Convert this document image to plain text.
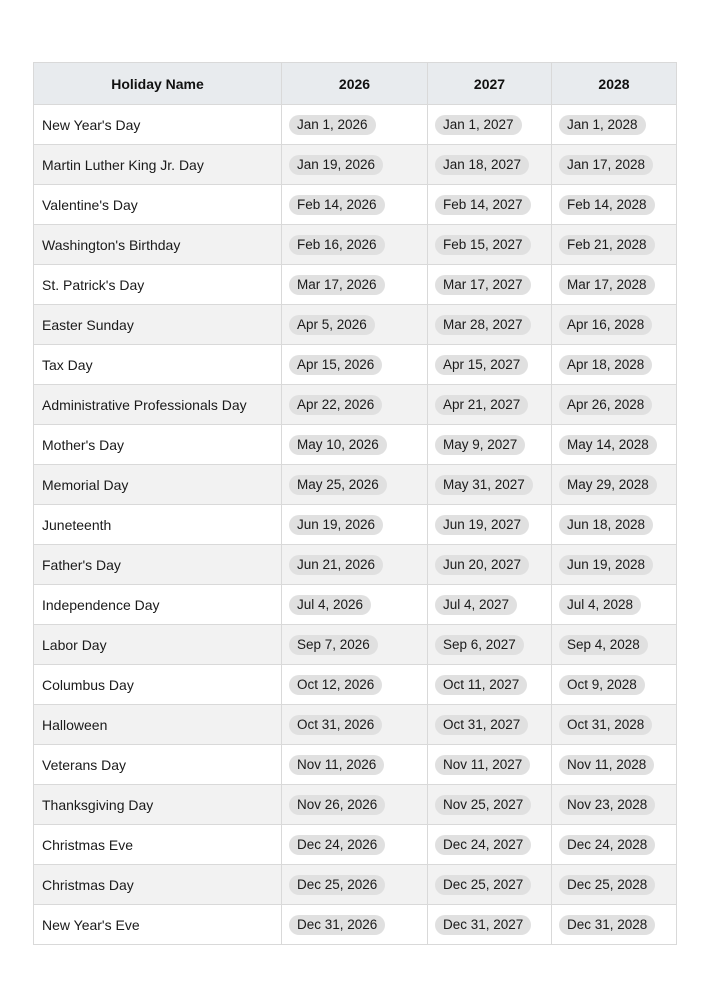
Holiday Name	2026	2027	2028
New Year's Day	Jan 1, 2026	Jan 1, 2027	Jan 1, 2028
Martin Luther King Jr. Day	Jan 19, 2026	Jan 18, 2027	Jan 17, 2028
Valentine's Day	Feb 14, 2026	Feb 14, 2027	Feb 14, 2028
Washington's Birthday	Feb 16, 2026	Feb 15, 2027	Feb 21, 2028
St. Patrick's Day	Mar 17, 2026	Mar 17, 2027	Mar 17, 2028
Easter Sunday	Apr 5, 2026	Mar 28, 2027	Apr 16, 2028
Tax Day	Apr 15, 2026	Apr 15, 2027	Apr 18, 2028
Administrative Professionals Day	Apr 22, 2026	Apr 21, 2027	Apr 26, 2028
Mother's Day	May 10, 2026	May 9, 2027	May 14, 2028
Memorial Day	May 25, 2026	May 31, 2027	May 29, 2028
Juneteenth	Jun 19, 2026	Jun 19, 2027	Jun 18, 2028
Father's Day	Jun 21, 2026	Jun 20, 2027	Jun 19, 2028
Independence Day	Jul 4, 2026	Jul 4, 2027	Jul 4, 2028
Labor Day	Sep 7, 2026	Sep 6, 2027	Sep 4, 2028
Columbus Day	Oct 12, 2026	Oct 11, 2027	Oct 9, 2028
Halloween	Oct 31, 2026	Oct 31, 2027	Oct 31, 2028
Veterans Day	Nov 11, 2026	Nov 11, 2027	Nov 11, 2028
Thanksgiving Day	Nov 26, 2026	Nov 25, 2027	Nov 23, 2028
Christmas Eve	Dec 24, 2026	Dec 24, 2027	Dec 24, 2028
Christmas Day	Dec 25, 2026	Dec 25, 2027	Dec 25, 2028
New Year's Eve	Dec 31, 2026	Dec 31, 2027	Dec 31, 2028
